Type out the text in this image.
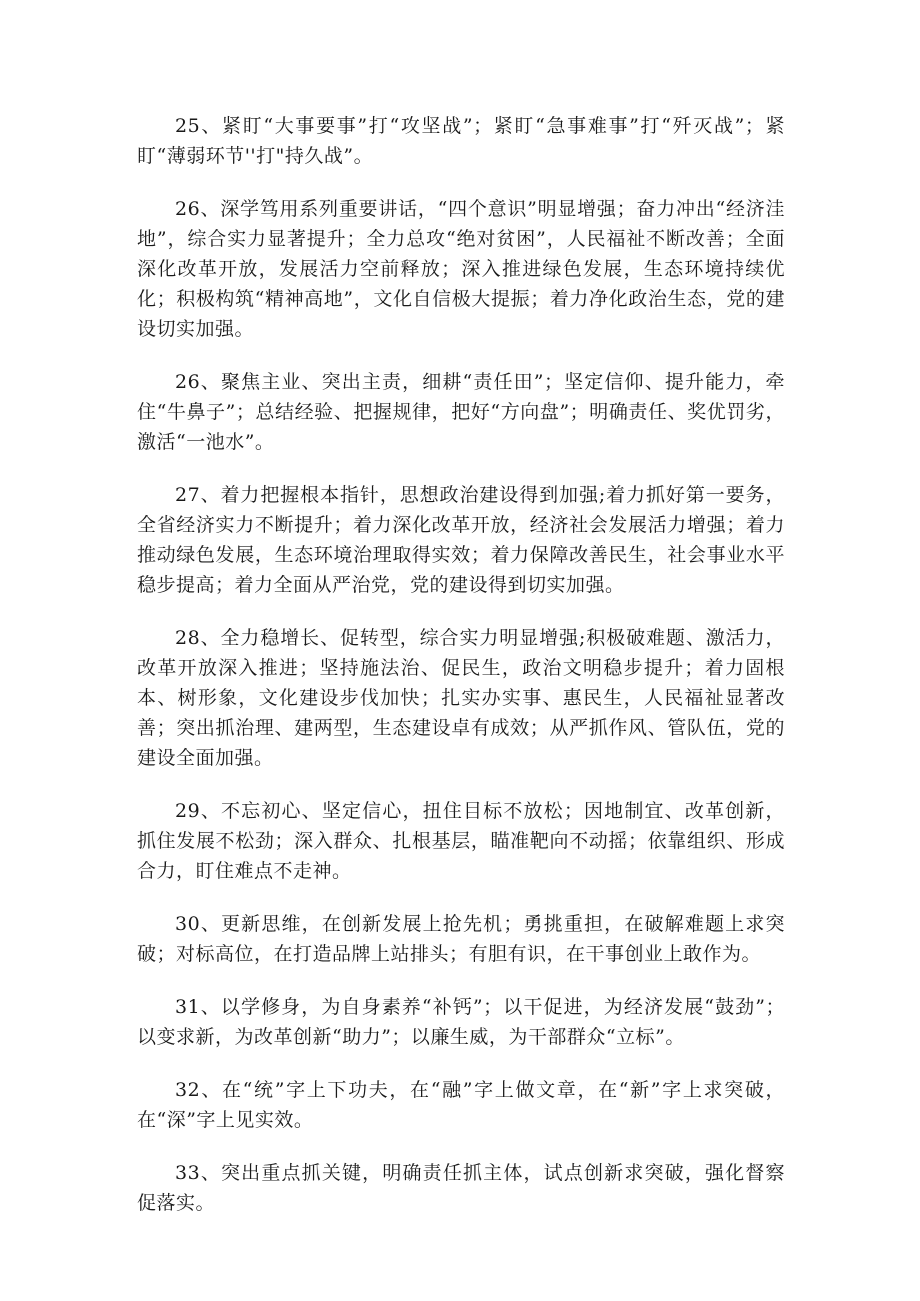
25、紧盯“大事要事”打“攻坚战”；紧盯“急事难事”打“歼灭战”；紧盯“薄弱环节''打"持久战”。

26、深学笃用系列重要讲话，“四个意识”明显增强；奋力冲出“经济洼地”，综合实力显著提升；全力总攻“绝对贫困”，人民福祉不断改善；全面深化改革开放，发展活力空前释放；深入推进绿色发展，生态环境持续优化；积极构筑“精神高地”，文化自信极大提振；着力净化政治生态，党的建设切实加强。

26、聚焦主业、突出主责，细耕“责任田”；坚定信仰、提升能力，牵住“牛鼻子”；总结经验、把握规律，把好“方向盘”；明确责任、奖优罚劣，激活“一池水”。

27、着力把握根本指针，思想政治建设得到加强;着力抓好第一要务，全省经济实力不断提升；着力深化改革开放，经济社会发展活力增强；着力推动绿色发展，生态环境治理取得实效；着力保障改善民生，社会事业水平稳步提高；着力全面从严治党，党的建设得到切实加强。

28、全力稳增长、促转型，综合实力明显增强;积极破难题、激活力，改革开放深入推进；坚持施法治、促民生，政治文明稳步提升；着力固根本、树形象，文化建设步伐加快；扎实办实事、惠民生，人民福祉显著改善；突出抓治理、建两型，生态建设卓有成效；从严抓作风、管队伍，党的建设全面加强。

29、不忘初心、坚定信心，扭住目标不放松；因地制宜、改革创新，抓住发展不松劲；深入群众、扎根基层，瞄准靶向不动摇；依靠组织、形成合力，盯住难点不走神。

30、更新思维，在创新发展上抢先机；勇挑重担，在破解难题上求突破；对标高位，在打造品牌上站排头；有胆有识，在干事创业上敢作为。

31、以学修身，为自身素养“补钙”；以干促进，为经济发展“鼓劲”；以变求新，为改革创新“助力”；以廉生威，为干部群众“立标”。

32、在“统”字上下功夫，在“融”字上做文章，在“新”字上求突破，在“深”字上见实效。

33、突出重点抓关键，明确责任抓主体，试点创新求突破，强化督察促落实。
